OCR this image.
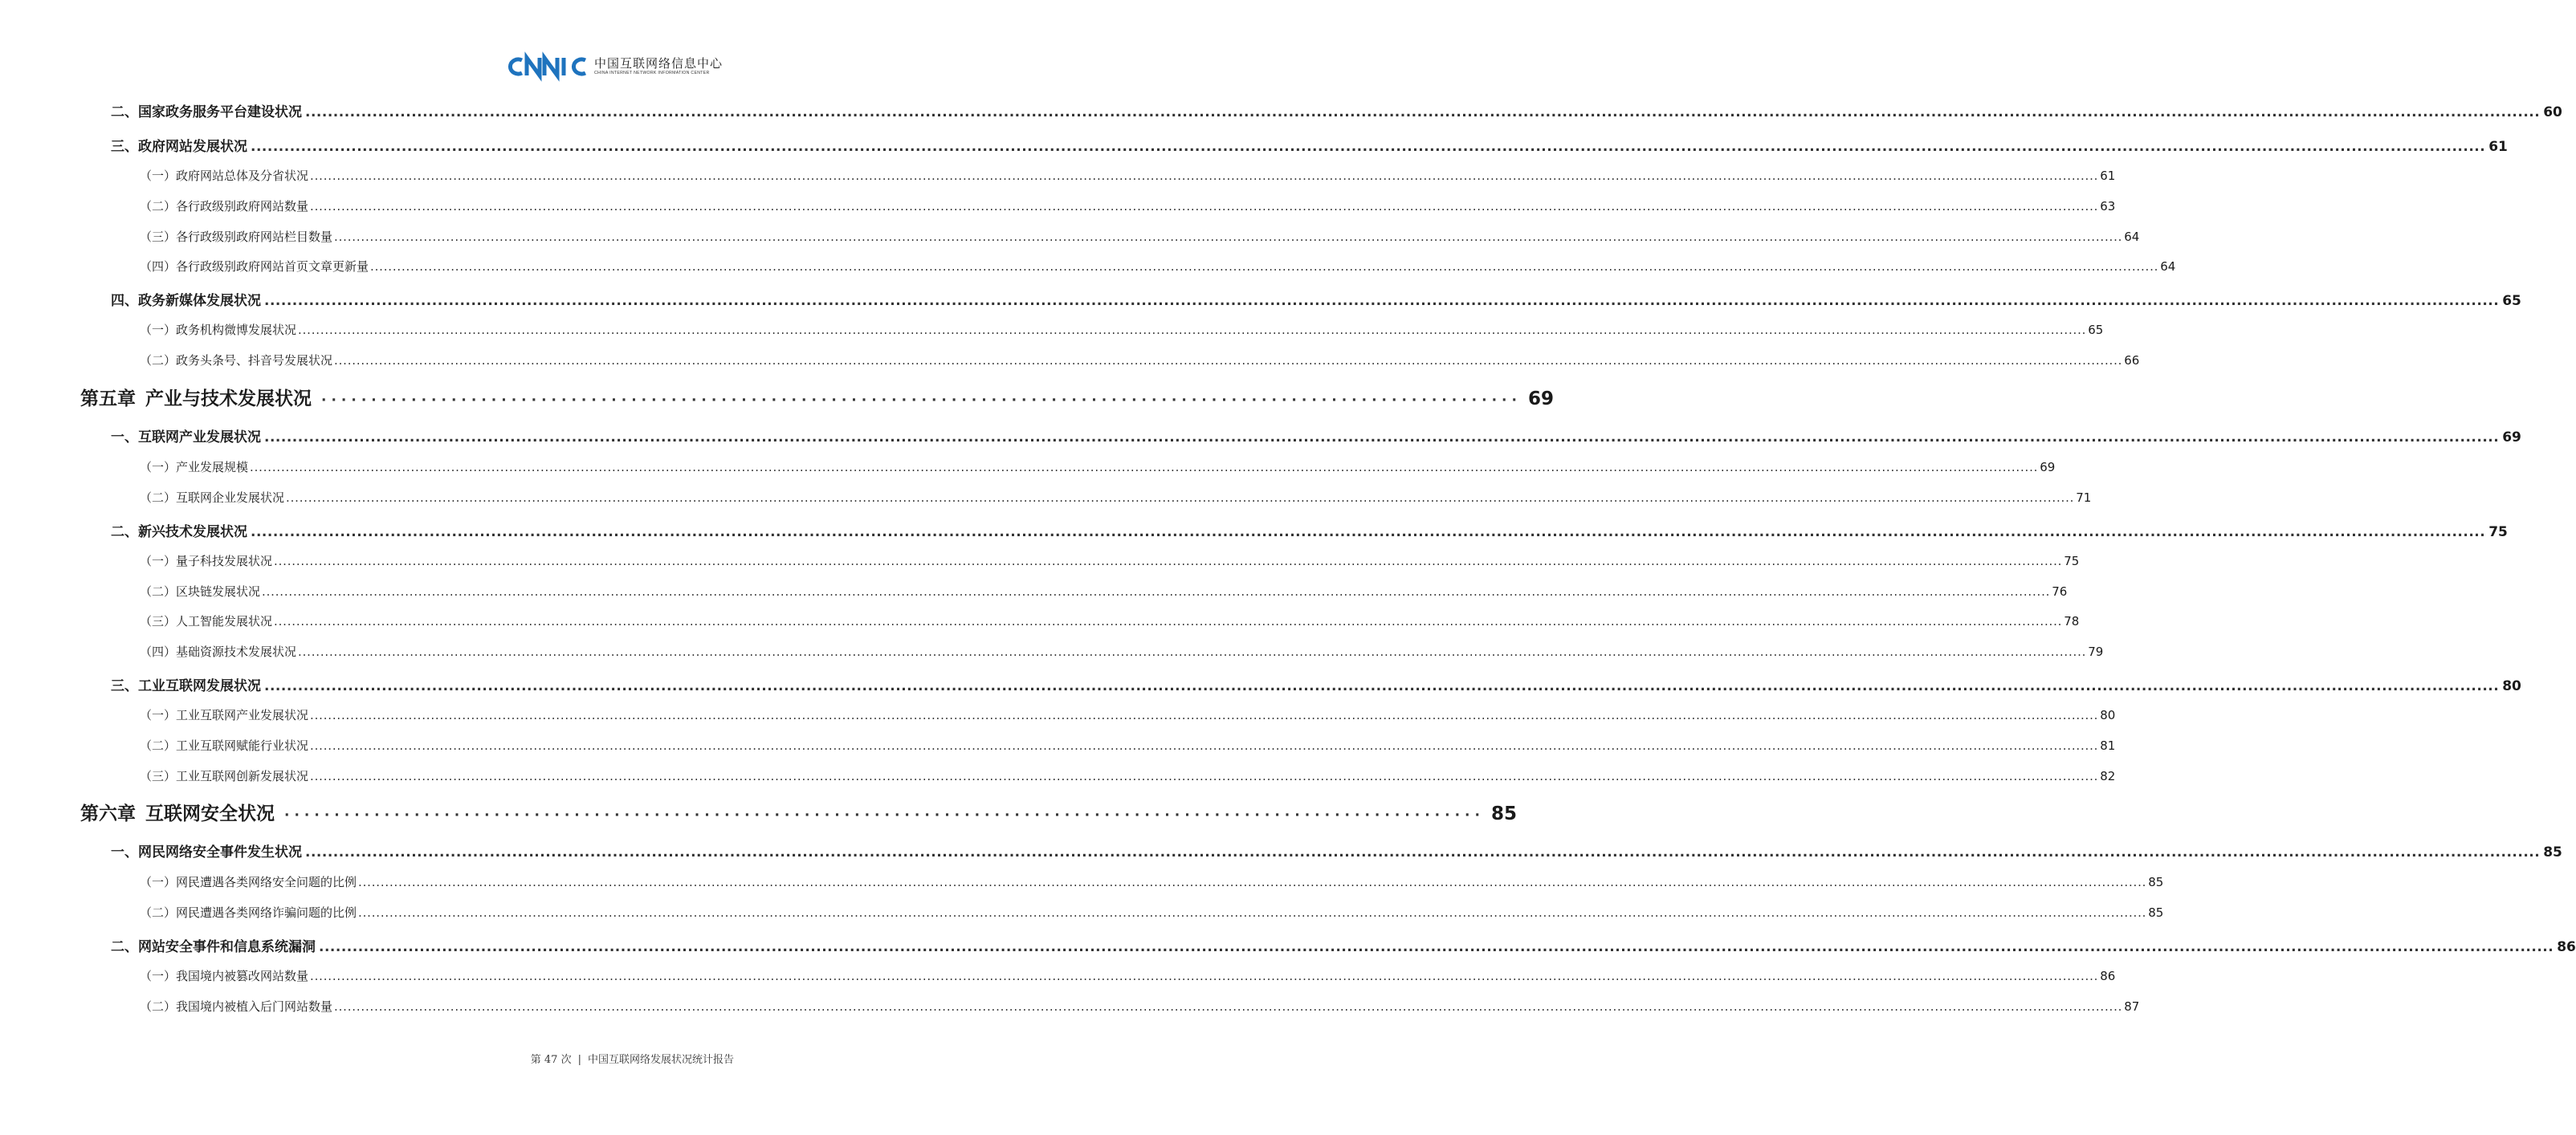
中国互联网络信息中心
CHINA INTERNET NETWORK INFORMATION CENTER
二、国家政务服务平台建设状况 ................................................................................................................................................................................................................................................................................................................................................................................................................ 60
三、政府网站发展状况 ................................................................................................................................................................................................................................................................................................................................................................................................................ 61
（一）政府网站总体及分省状况 ................................................................................................................................................................................................................................................................................................................................................................................................................ 61
（二）各行政级别政府网站数量 ................................................................................................................................................................................................................................................................................................................................................................................................................ 63
（三）各行政级别政府网站栏目数量 ................................................................................................................................................................................................................................................................................................................................................................................................................ 64
（四）各行政级别政府网站首页文章更新量 ................................................................................................................................................................................................................................................................................................................................................................................................................ 64
四、政务新媒体发展状况 ................................................................................................................................................................................................................................................................................................................................................................................................................ 65
（一）政务机构微博发展状况 ................................................................................................................................................................................................................................................................................................................................................................................................................ 65
（二）政务头条号、抖音号发展状况 ................................................................................................................................................................................................................................................................................................................................................................................................................ 66
第五章 产业与技术发展状况 ························································································································ 69
一、互联网产业发展状况 ................................................................................................................................................................................................................................................................................................................................................................................................................ 69
（一）产业发展规模 ................................................................................................................................................................................................................................................................................................................................................................................................................ 69
（二）互联网企业发展状况 ................................................................................................................................................................................................................................................................................................................................................................................................................ 71
二、新兴技术发展状况 ................................................................................................................................................................................................................................................................................................................................................................................................................ 75
（一）量子科技发展状况 ................................................................................................................................................................................................................................................................................................................................................................................................................ 75
（二）区块链发展状况 ................................................................................................................................................................................................................................................................................................................................................................................................................ 76
（三）人工智能发展状况 ................................................................................................................................................................................................................................................................................................................................................................................................................ 78
（四）基础资源技术发展状况 ................................................................................................................................................................................................................................................................................................................................................................................................................ 79
三、工业互联网发展状况 ................................................................................................................................................................................................................................................................................................................................................................................................................ 80
（一）工业互联网产业发展状况 ................................................................................................................................................................................................................................................................................................................................................................................................................ 80
（二）工业互联网赋能行业状况 ................................................................................................................................................................................................................................................................................................................................................................................................................ 81
（三）工业互联网创新发展状况 ................................................................................................................................................................................................................................................................................................................................................................................................................ 82
第六章 互联网安全状况 ························································································································ 85
一、网民网络安全事件发生状况 ................................................................................................................................................................................................................................................................................................................................................................................................................ 85
（一）网民遭遇各类网络安全问题的比例 ................................................................................................................................................................................................................................................................................................................................................................................................................ 85
（二）网民遭遇各类网络诈骗问题的比例 ................................................................................................................................................................................................................................................................................................................................................................................................................ 85
二、网站安全事件和信息系统漏洞 ................................................................................................................................................................................................................................................................................................................................................................................................................ 86
（一）我国境内被篡改网站数量 ................................................................................................................................................................................................................................................................................................................................................................................................................ 86
（二）我国境内被植入后门网站数量 ................................................................................................................................................................................................................................................................................................................................................................................................................ 87
第 47 次 | 中国互联网络发展状况统计报告
